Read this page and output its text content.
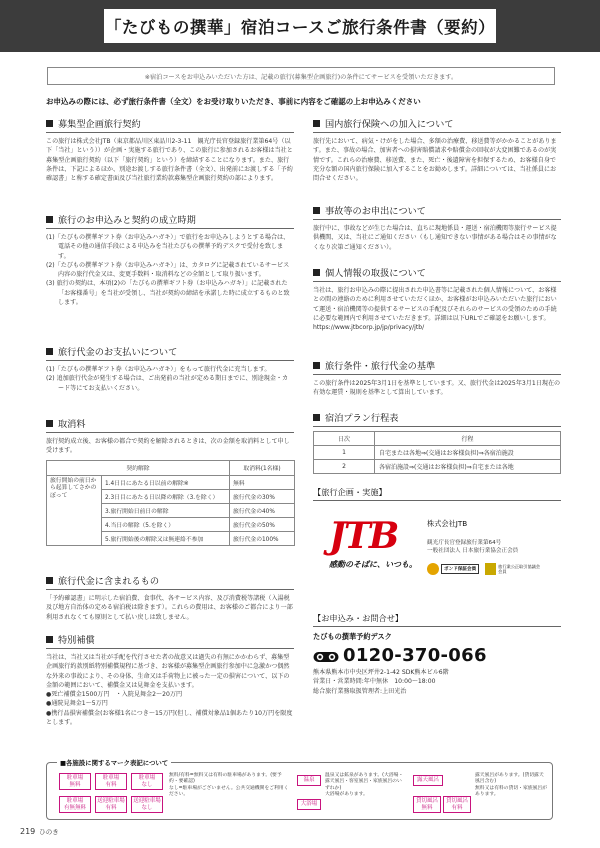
「たびもの撰華」宿泊コースご旅行条件書（要約）
※宿泊コースをお申込みいただいた方は、記載の旅行(募集型企画旅行)の条件にてサービスを受領いただきます。
お申込みの際には、必ず旅行条件書（全文）をお受け取りいただき、事前に内容をご確認の上お申込みください
募集型企画旅行契約
この旅行は株式会社JTB（東京都品川区東品川2-3-11　観光庁長官登録旅行業第64号（以下「当社」という））が企画・実施する旅行であり、この旅行に参加されるお客様は当社と募集型企画旅行契約（以下「旅行契約」という）を締結することになります。また、旅行条件は、下記によるほか、別途お渡しする旅行条件書（全文）、出発前にお渡しする「予約確認書」と称する確定書面及び当社旅行業約款募集型企画旅行契約の部によります。
旅行のお申込みと契約の成立時期
(1)「たびもの撰華ギフト券（お申込みハガキ）」で旅行をお申込みしようとする場合は、電話その他の通信手段による申込みを当社たびもの撰華予約デスクで受付を致します。
(2)「たびもの撰華ギフト券（お申込みハガキ）」は、カタログに記載されているサービス内容の旅行代金又は、変更手数料・取消料などの全額として取り扱います。
(3) 旅行の契約は、本項(2)の「たびもの撰華ギフト券（お申込みハガキ）」に記載された「お客様番号」を当社が受領し、当社が契約の締結を承諾した時に成立するものと致します。
旅行代金のお支払いについて
(1)「たびもの撰華ギフト券（お申込みハガキ）」をもって旅行代金に充当します。
(2) 追加旅行代金が発生する場合は、ご出発前の当社が定める期日までに、別途現金・カード等にてお支払いください。
取消料
旅行契約成立後、お客様の都合で契約を解除されるときは、次の金額を取消料として申し受けます。
契約解除		取消料(1名様)
旅行開始の前日から起算してさかのぼって	1.4日目にあたる日以前の解除※	無料
	2.3日目にあたる日以降の解除（3.を除く）	旅行代金の30%
	3.旅行開始日前日の解除	旅行代金の40%
	4.当日の解除（5.を除く）	旅行代金の50%
	5.旅行開始後の解除又は無連絡不参加	旅行代金の100%
旅行代金に含まれるもの
「予約確認書」に明示した宿泊費、食事代、各サービス内容、及び消費税等諸税（入湯税及び地方自治体の定める宿泊税は除きます）。これらの費用は、お客様のご都合により一部利用されなくても原則として払い戻しは致しません。
特別補償
当社は、当社又は当社が手配を代行させた者の故意又は過失の有無にかかわらず、募集型企画旅行約款別紙特別補償規程に基づき、お客様が募集型企画旅行参加中に急激かつ偶然な外来の事故により、その身体、生命又は手荷物上に被った一定の損害について、以下の金額の範囲において、補償金又は見舞金を支払います。
●死亡補償金1500万円　・入院見舞金2〜20万円
●通院見舞金1〜5万円
●携行品損害補償金(お客様1名につき〜15万円(但し、補償対象品1個あたり10万円を限度とします。
国内旅行保険への加入について
旅行先において、病気・けがをした場合、多額の治療費、移送費等がかかることがあります。また、事故の場合、加害者への損害賠償請求や賠償金の回収が大変困難であるのが実情です。これらの治療費、移送費、また、死亡・後遺障害を担保するため、お客様自身で充分な額の国内旅行保険に加入することをお勧めします。詳細については、当社係員にお問合せください。
事故等のお申出について
旅行中に、事故などが生じた場合は、直ちに現地係員・運送・宿泊機関等旅行サービス提供機関、又は、当社にご通知ください（もし通知できない事情がある場合はその事情がなくなり次第ご通知ください）。
個人情報の取扱について
当社は、旅行お申込みの際に提出された申込書等に記載された個人情報について、お客様との間の連絡のために利用させていただくほか、お客様がお申込みいただいた旅行において運送・宿泊機関等の提供するサービスの手配及びそれらのサービスの受領のための手続に必要な範囲内で利用させていただきます。詳細は以下URLでご確認をお願いします。
https://www.jtbcorp.jp/jp/privacy/jtb/
旅行条件・旅行代金の基準
この旅行条件は2025年3月1日を基準としています。又、旅行代金は2025年3月1日現在の有効な運賃・規則を基準として算出しています。
宿泊プラン行程表
日次	行程
1	自宅または各地⇒(交通はお客様負担)⇒各宿泊施設
2	各宿泊施設⇒(交通はお客様負担)⇒自宅または各地
【旅行企画・実施】
JTB
感動のそばに、いつも。
株式会社JTB
観光庁長官登録旅行業第64号
一般社団法人 日本旅行業協会正会員
ボンド保証会員
旅行業公正取引協議会会員
【お申込み・お問合せ】
たびもの撰華予約デスク
0120-370-066
熊本県熊本市中央区坪井2-1-42 SDK熊本ビル6階
営業日・営業時間:年中無休　10:00〜18:00
総合旅行業務取扱管理者:上田光治
■各施設に関するマーク表記について
駐車場
無料
駐車場
有料
駐車場
なし
駐車場
有無無料
送迎駐車場
有料
送迎駐車場
なし
無料/有料=無料又は有料の駐車場があります。(要予約・要確認)
なし=駐車場がございません。公共交通機関をご利用ください。
温泉
大浴場
温泉又は鉱泉があります。(大浴場・露天風呂・客室風呂・家族風呂のいずれか)
大浴場があります。
露天風呂
貸切風呂
無料
貸切風呂
有料
露天風呂があります。(貸切露天風呂含む)
無料又は有料の貸切・家族風呂があります。
219 ひのき
